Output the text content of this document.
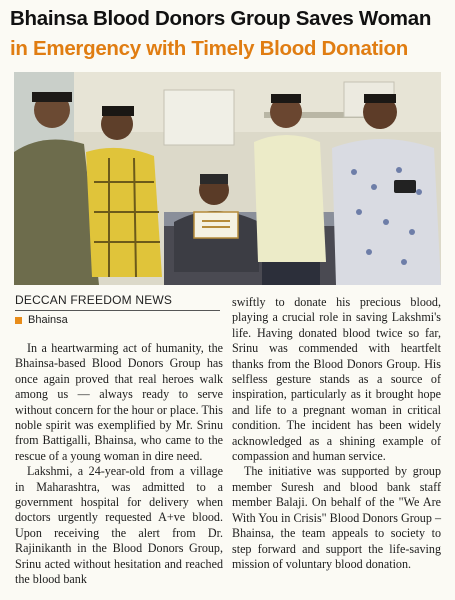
Bhainsa Blood Donors Group Saves Woman
in Emergency with Timely Blood Donation
DECCAN FREEDOM NEWS
Bhainsa

In a heartwarming act of humanity, the Bhainsa-based Blood Donors Group has once again proved that real heroes walk among us — always ready to serve without concern for the hour or place. This noble spirit was exemplified by Mr. Srinu from Battigalli, Bhainsa, who came to the rescue of a young woman in dire need.

Lakshmi, a 24-year-old from a village in Maharashtra, was admitted to a government hospital for delivery when doctors urgently requested A+ve blood. Upon receiving the alert from Dr. Rajinikanth in the Blood Donors Group, Srinu acted without hesitation and reached the blood bank

swiftly to donate his precious blood, playing a crucial role in saving Lakshmi's life. Having donated blood twice so far, Srinu was commended with heartfelt thanks from the Blood Donors Group. His selfless gesture stands as a source of inspiration, particularly as it brought hope and life to a pregnant woman in critical condition. The incident has been widely acknowledged as a shining example of compassion and human service.

The initiative was supported by group member Suresh and blood bank staff member Balaji. On behalf of the "We Are With You in Crisis" Blood Donors Group – Bhainsa, the team appeals to society to step forward and support the life-saving mission of voluntary blood donation.
